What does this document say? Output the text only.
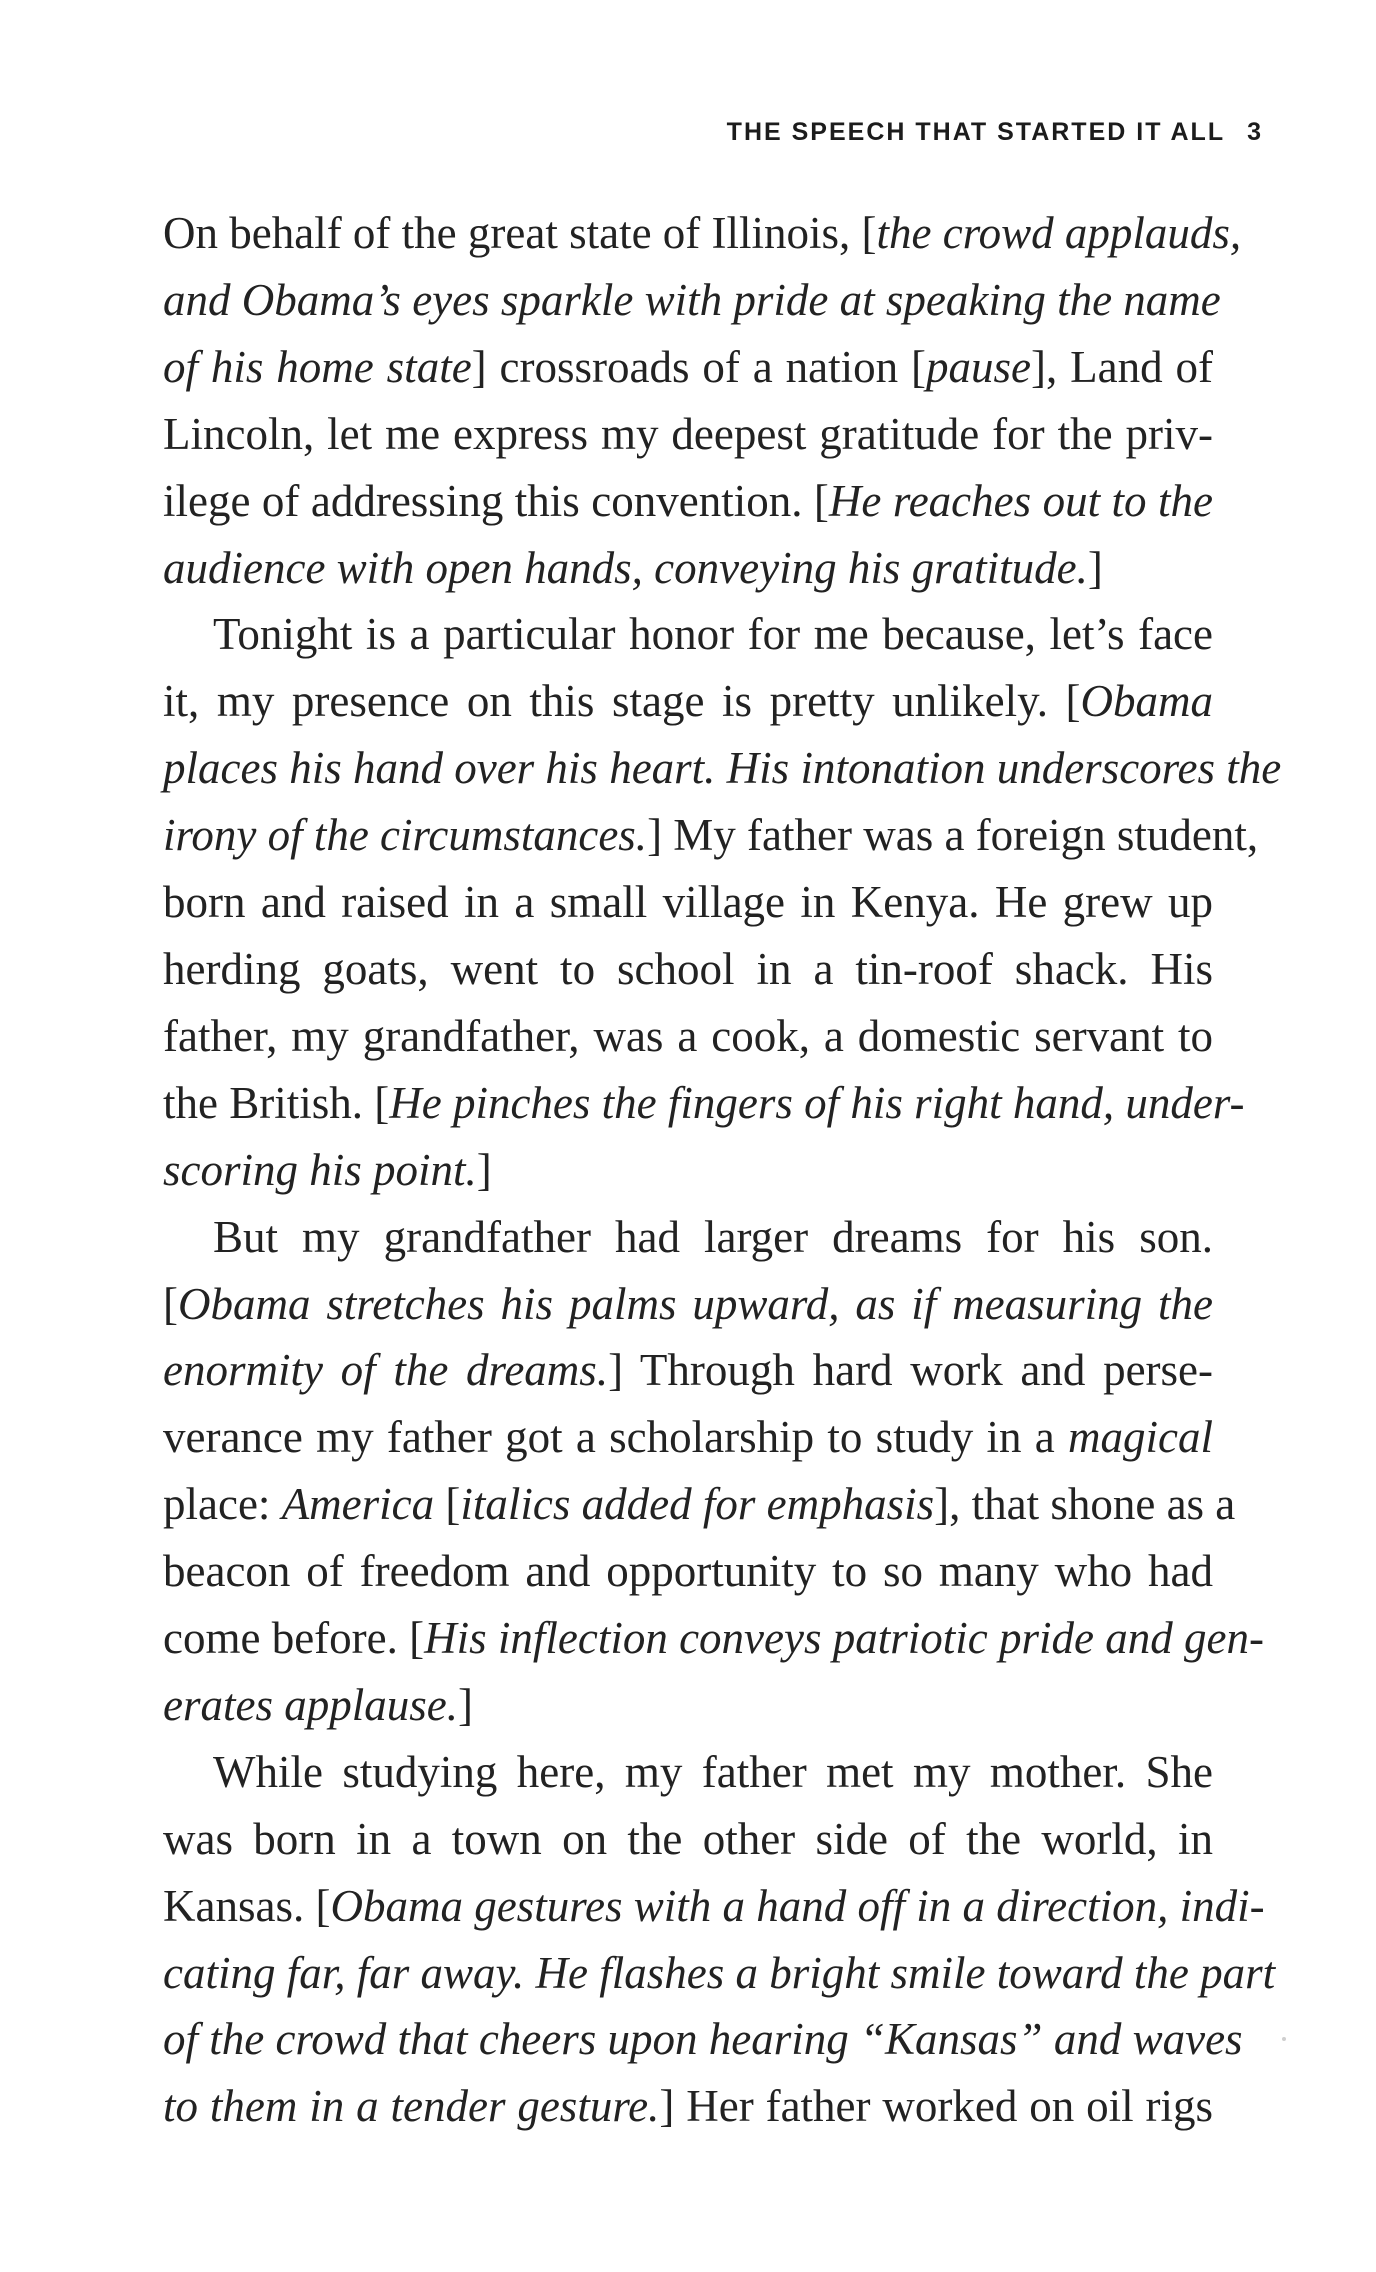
THE SPEECH THAT STARTED IT ALL 3
On behalf of the great state of Illinois, [the crowd applauds,
and Obama’s eyes sparkle with pride at speaking the name
of his home state] crossroads of a nation [pause], Land of
Lincoln, let me express my deepest gratitude for the priv-
ilege of addressing this convention. [He reaches out to the
audience with open hands, conveying his gratitude.]
Tonight is a particular honor for me because, let’s face
it, my presence on this stage is pretty unlikely. [Obama
places his hand over his heart. His intonation underscores the
irony of the circumstances.] My father was a foreign student,
born and raised in a small village in Kenya. He grew up
herding goats, went to school in a tin-roof shack. His
father, my grandfather, was a cook, a domestic servant to
the British. [He pinches the fingers of his right hand, under-
scoring his point.]
But my grandfather had larger dreams for his son.
[Obama stretches his palms upward, as if measuring the
enormity of the dreams.] Through hard work and perse-
verance my father got a scholarship to study in a magical
place: America [italics added for emphasis], that shone as a
beacon of freedom and opportunity to so many who had
come before. [His inflection conveys patriotic pride and gen-
erates applause.]
While studying here, my father met my mother. She
was born in a town on the other side of the world, in
Kansas. [Obama gestures with a hand off in a direction, indi-
cating far, far away. He flashes a bright smile toward the part
of the crowd that cheers upon hearing “Kansas” and waves
to them in a tender gesture.] Her father worked on oil rigs
